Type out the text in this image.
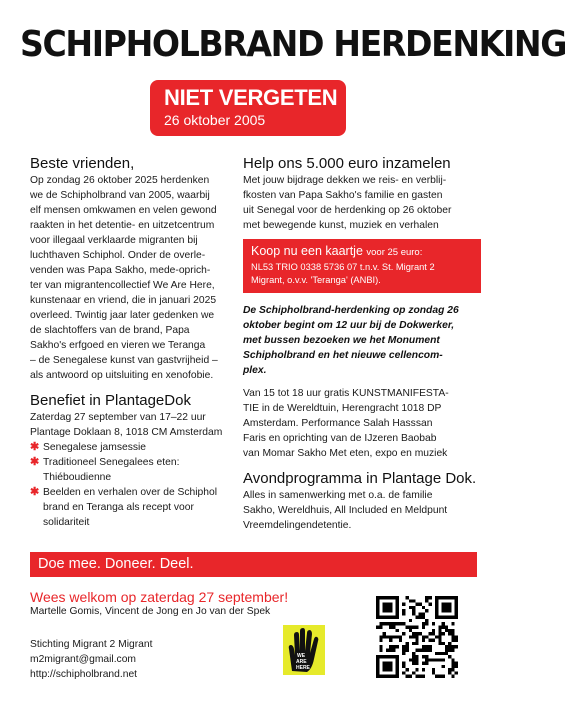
SCHIPHOLBRAND HERDENKING
NIET VERGETEN
26 oktober 2005
Beste vrienden,

Op zondag 26 oktober 2025 herdenken

we de Schipholbrand van 2005, waarbij

elf mensen omkwamen en velen gewond

raakten in het detentie- en uitzetcentrum

voor illegaal verklaarde migranten bij

luchthaven Schiphol. Onder de overle-

venden was Papa Sakho, mede-oprich-

ter van migrantencollectief We Are Here,

kunstenaar en vriend, die in januari 2025

overleed. Twintig jaar later gedenken we

de slachtoffers van de brand, Papa

Sakho's erfgoed en vieren we Teranga

– de Senegalese kunst van gastvrijheid –

als antwoord op uitsluiting en xenofobie.

Benefiet in PlantageDok

Zaterdag 27 september van 17–22 uur

Plantage Doklaan 8, 1018 CM Amsterdam

✱ Senegalese jamsessie
✱ Traditioneel Senegalees eten:
Thiéboudienne
✱ Beelden en verhalen over de Schiphol
brand en Teranga als recept voor
solidariteit
Help ons 5.000 euro inzamelen

Met jouw bijdrage dekken we reis- en verblij-

fkosten van Papa Sakho's familie en gasten

uit Senegal voor de herdenking op 26 oktober

met bewegende kunst, muziek en verhalen

Koop nu een kaartje voor 25 euro:
NL53 TRIO 0338 5736 07 t.n.v. St. Migrant 2
Migrant, o.v.v. 'Teranga' (ANBI).

De Schipholbrand-herdenking op zondag 26

oktober begint om 12 uur bij de Dokwerker,

met bussen bezoeken we het Monument

Schipholbrand en het nieuwe cellencom-

plex.

Van 15 tot 18 uur gratis KUNSTMANIFESTA-

TIE in de Wereldtuin, Herengracht 1018 DP

Amsterdam. Performance Salah Hasssan

Faris en oprichting van de IJzeren Baobab

van Momar Sakho Met eten, expo en muziek

Avondprogramma in Plantage Dok.

Alles in samenwerking met o.a. de familie

Sakho, Wereldhuis, All Included en Meldpunt

Vreemdelingendetentie.

Doe mee. Doneer. Deel.
Wees welkom op zaterdag 27 september!
Martelle Gomis, Vincent de Jong en Jo van der Spek

Stichting Migrant 2 Migrant

m2migrant@gmail.com

http://schipholbrand.net

WE
ARE
HERE
